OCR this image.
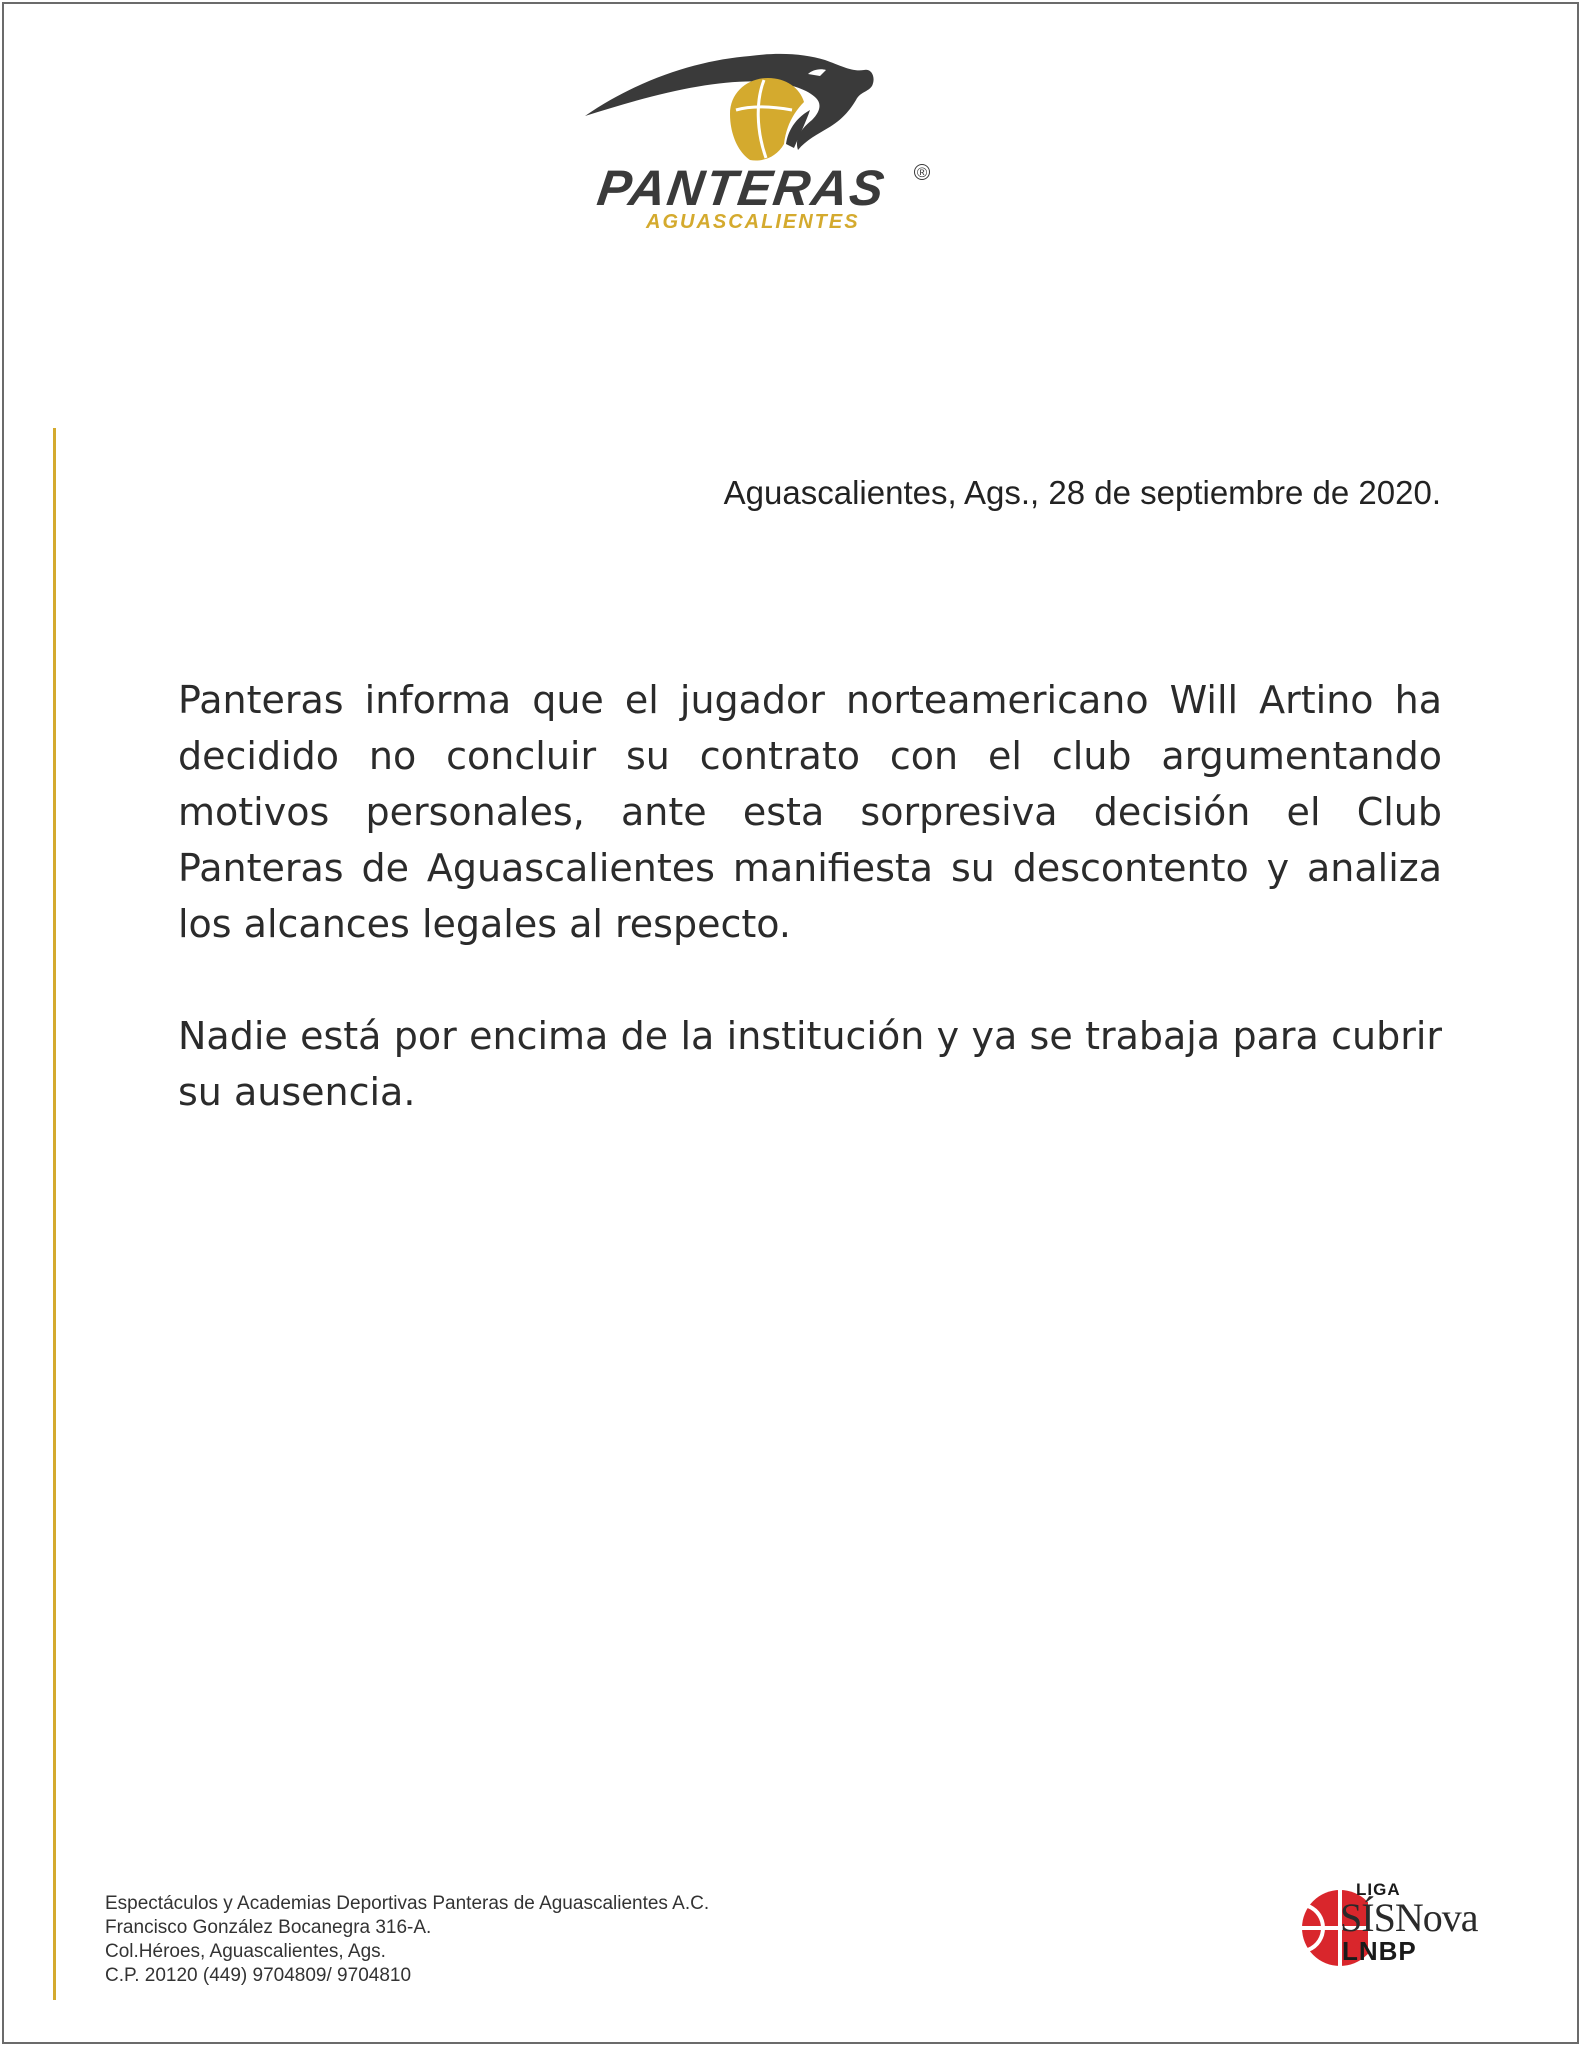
PANTERAS ®
AGUASCALIENTES
Aguascalientes, Ags., 28 de septiembre de 2020.

Panteras informa que el jugador norteamericano Will Artino ha decidido no concluir su contrato con el club argumentando motivos personales, ante esta sorpresiva decisión el Club Panteras de Aguascalientes manifiesta su descontento y analiza los alcances legales al respecto.

Nadie está por encima de la institución y ya se trabaja para cubrir su ausencia.

Espectáculos y Academias Deportivas Panteras de Aguascalientes A.C.
Francisco González Bocanegra 316-A.
Col.Héroes, Aguascalientes, Ags.
C.P. 20120 (449) 9704809/ 9704810
LIGA
SÍSNova
LNBP
